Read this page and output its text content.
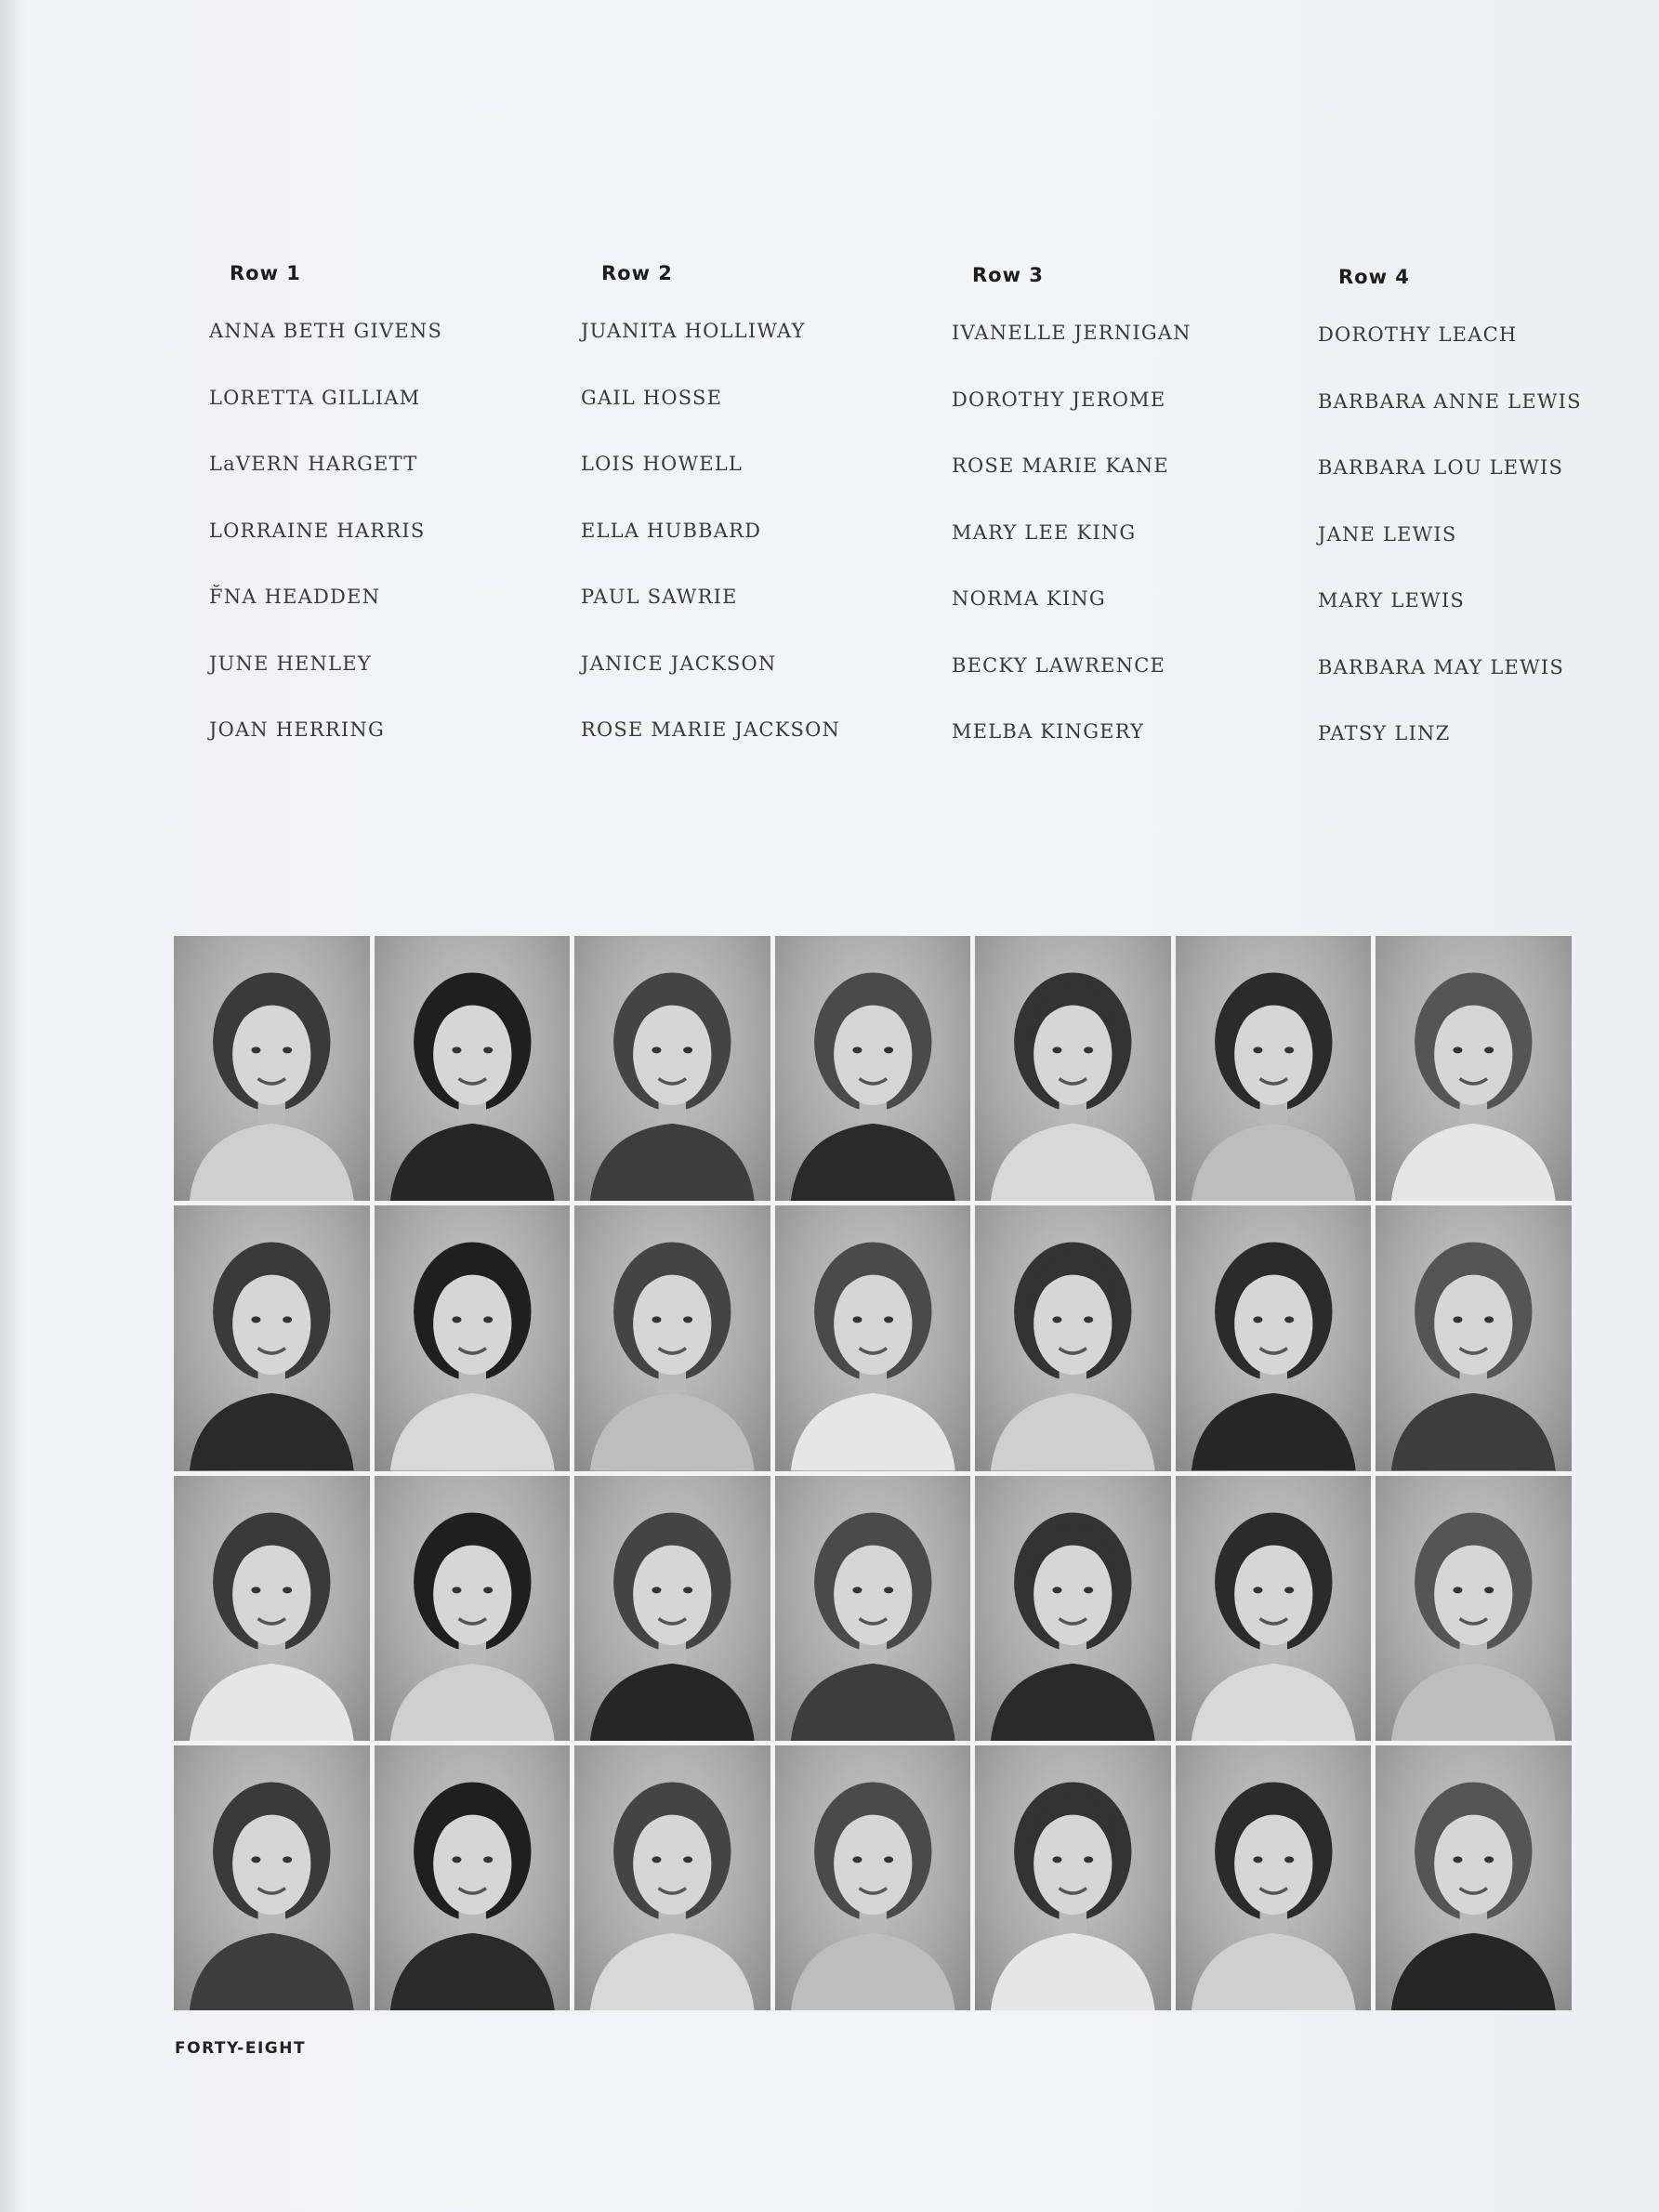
Row 1
ANNA BETH GIVENS
LORETTA GILLIAM
LaVERN HARGETT
LORRAINE HARRIS
F̆NA HEADDEN
JUNE HENLEY
JOAN HERRING
Row 2
JUANITA HOLLIWAY
GAIL HOSSE
LOIS HOWELL
ELLA HUBBARD
PAUL SAWRIE
JANICE JACKSON
ROSE MARIE JACKSON
Row 3
IVANELLE JERNIGAN
DOROTHY JEROME
ROSE MARIE KANE
MARY LEE KING
NORMA KING
BECKY LAWRENCE
MELBA KINGERY
Row 4
DOROTHY LEACH
BARBARA ANNE LEWIS
BARBARA LOU LEWIS
JANE LEWIS
MARY LEWIS
BARBARA MAY LEWIS
PATSY LINZ
FORTY-EIGHT
